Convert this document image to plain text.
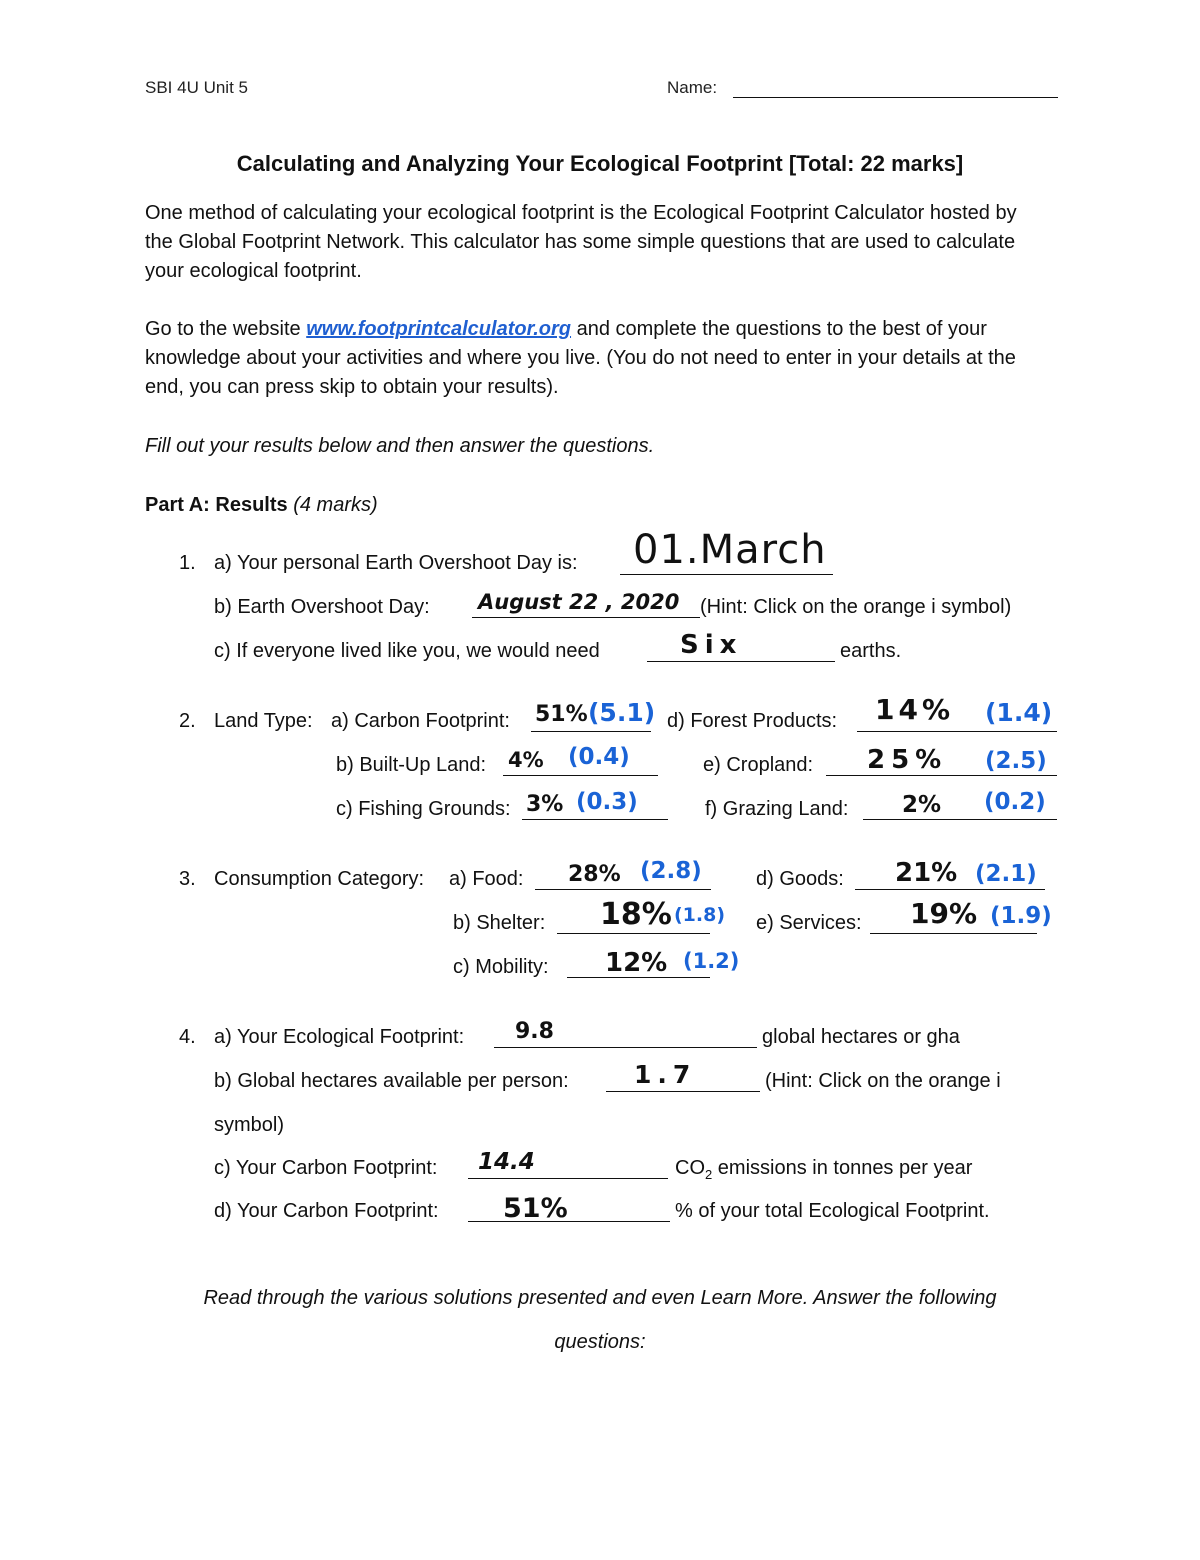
SBI 4U Unit 5	Name:
Calculating and Analyzing Your Ecological Footprint [Total: 22 marks]
One method of calculating your ecological footprint is the Ecological Footprint Calculator hosted by the Global Footprint Network. This calculator has some simple questions that are used to calculate your ecological footprint.
Go to the website www.footprintcalculator.org and complete the questions to the best of your knowledge about your activities and where you live. (You do not need to enter in your details at the end, you can press skip to obtain your results).
Fill out your results below and then answer the questions.
Part A: Results (4 marks)
1. a) Your personal Earth Overshoot Day is: 01.March
b) Earth Overshoot Day: August 22 , 2020 (Hint: Click on the orange i symbol)
c) If everyone lived like you, we would need	Six	earths.
2. Land Type: a) Carbon Footprint: 51% (5.1) d) Forest Products: 14% (1.4)
b) Built-Up Land: 4% (0.4)	e) Cropland: 25% (2.5)
c) Fishing Grounds: 3% (0.3)	f) Grazing Land: 2% (0.2)
3. Consumption Category: a) Food: 28% (2.8)	d) Goods: 21% (2.1)
b) Shelter: 18% (1.8) e) Services: 19% (1.9)
c) Mobility: 12% (1.2)
4. a) Your Ecological Footprint: 9.8	global hectares or gha
b) Global hectares available per person:	1.7	(Hint: Click on the orange i
symbol)
c) Your Carbon Footprint: 14.4	$CO_2$ emissions in tonnes per year
d) Your Carbon Footprint: 51%	% of your total Ecological Footprint.
Read through the various solutions presented and even Learn More. Answer the following
questions:
